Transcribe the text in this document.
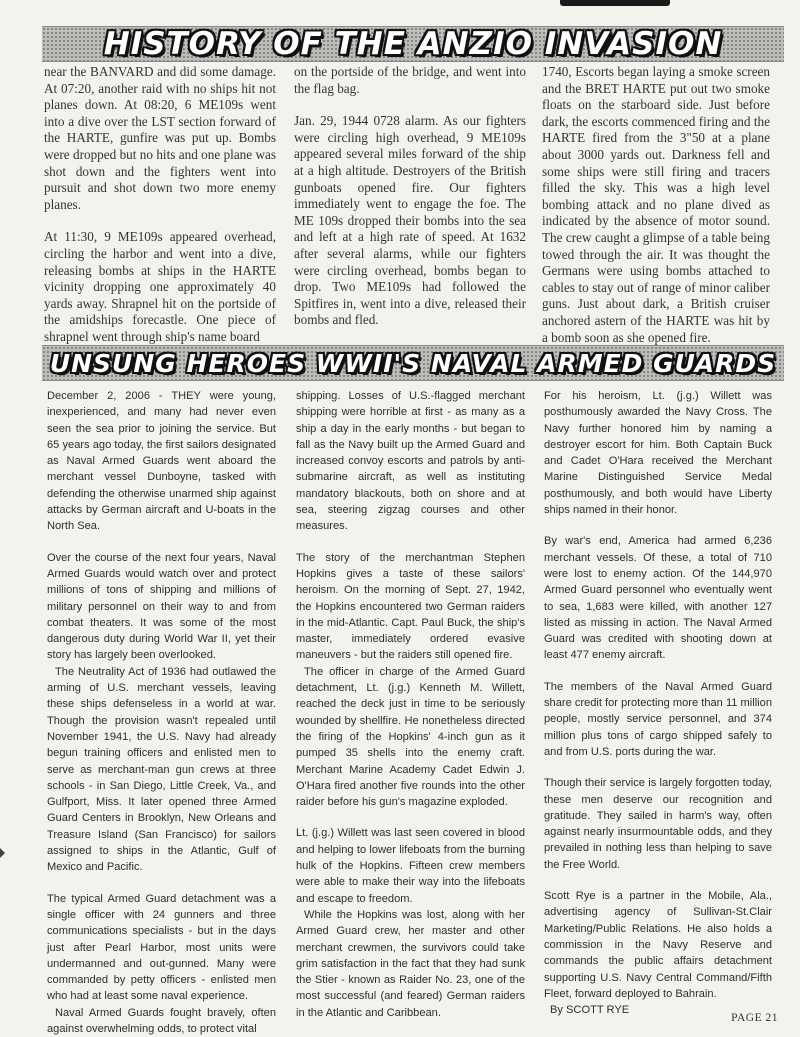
HISTORY OF THE ANZIO INVASION

near the BANVARD and did some damage. At 07:20, another raid with no ships hit not planes down. At 08:20, 6 ME109s went into a dive over the LST section forward of the HARTE, gunfire was put up. Bombs were dropped but no hits and one plane was shot down and the fighters went into pursuit and shot down two more enemy planes.

At 11:30, 9 ME109s appeared overhead, circling the harbor and went into a dive, releasing bombs at ships in the HARTE vicinity dropping one approximately 40 yards away. Shrapnel hit on the portside of the amidships forecastle. One piece of shrapnel went through ship's name board

on the portside of the bridge, and went into the flag bag.

Jan. 29, 1944 0728 alarm. As our fighters were circling high overhead, 9 ME109s appeared several miles forward of the ship at a high altitude. Destroyers of the British gunboats opened fire. Our fighters immediately went to engage the foe. The ME 109s dropped their bombs into the sea and left at a high rate of speed. At 1632 after several alarms, while our fighters were circling overhead, bombs began to drop. Two ME109s had followed the Spitfires in, went into a dive, released their bombs and fled.

1740, Escorts began laying a smoke screen and the BRET HARTE put out two smoke floats on the starboard side. Just before dark, the escorts commenced firing and the HARTE fired from the 3"50 at a plane about 3000 yards out. Darkness fell and some ships were still firing and tracers filled the sky. This was a high level bombing attack and no plane dived as indicated by the absence of motor sound. The crew caught a glimpse of a table being towed through the air. It was thought the Germans were using bombs attached to cables to stay out of range of minor caliber guns. Just about dark, a British cruiser anchored astern of the HARTE was hit by a bomb soon as she opened fire.

UNSUNG HEROES WWII'S NAVAL ARMED GUARDS

December 2, 2006 - THEY were young, inexperienced, and many had never even seen the sea prior to joining the service. But 65 years ago today, the first sailors designated as Naval Armed Guards went aboard the merchant vessel Dunboyne, tasked with defending the otherwise unarmed ship against attacks by German aircraft and U-boats in the North Sea.

Over the course of the next four years, Naval Armed Guards would watch over and protect millions of tons of shipping and millions of military personnel on their way to and from combat theaters. It was some of the most dangerous duty during World War II, yet their story has largely been overlooked.

The Neutrality Act of 1936 had outlawed the arming of U.S. merchant vessels, leaving these ships defenseless in a world at war. Though the provision wasn't repealed until November 1941, the U.S. Navy had already begun training officers and enlisted men to serve as merchant-man gun crews at three schools - in San Diego, Little Creek, Va., and Gulfport, Miss. It later opened three Armed Guard Centers in Brooklyn, New Orleans and Treasure Island (San Francisco) for sailors assigned to ships in the Atlantic, Gulf of Mexico and Pacific.

The typical Armed Guard detachment was a single officer with 24 gunners and three communications specialists - but in the days just after Pearl Harbor, most units were undermanned and out-gunned. Many were commanded by petty officers - enlisted men who had at least some naval experience.

Naval Armed Guards fought bravely, often against overwhelming odds, to protect vital

shipping. Losses of U.S.-flagged merchant shipping were horrible at first - as many as a ship a day in the early months - but began to fall as the Navy built up the Armed Guard and increased convoy escorts and patrols by anti-submarine aircraft, as well as instituting mandatory blackouts, both on shore and at sea, steering zigzag courses and other measures.

The story of the merchantman Stephen Hopkins gives a taste of these sailors' heroism. On the morning of Sept. 27, 1942, the Hopkins encountered two German raiders in the mid-Atlantic. Capt. Paul Buck, the ship's master, immediately ordered evasive maneuvers - but the raiders still opened fire.

The officer in charge of the Armed Guard detachment, Lt. (j.g.) Kenneth M. Willett, reached the deck just in time to be seriously wounded by shellfire. He nonetheless directed the firing of the Hopkins' 4-inch gun as it pumped 35 shells into the enemy craft. Merchant Marine Academy Cadet Edwin J. O'Hara fired another five rounds into the other raider before his gun's magazine exploded.

Lt. (j.g.) Willett was last seen covered in blood and helping to lower lifeboats from the burning hulk of the Hopkins. Fifteen crew members were able to make their way into the lifeboats and escape to freedom.

While the Hopkins was lost, along with her Armed Guard crew, her master and other merchant crewmen, the survivors could take grim satisfaction in the fact that they had sunk the Stier - known as Raider No. 23, one of the most successful (and feared) German raiders in the Atlantic and Caribbean.

For his heroism, Lt. (j.g.) Willett was posthumously awarded the Navy Cross. The Navy further honored him by naming a destroyer escort for him. Both Captain Buck and Cadet O'Hara received the Merchant Marine Distinguished Service Medal posthumously, and both would have Liberty ships named in their honor.

By war's end, America had armed 6,236 merchant vessels. Of these, a total of 710 were lost to enemy action. Of the 144,970 Armed Guard personnel who eventually went to sea, 1,683 were killed, with another 127 listed as missing in action. The Naval Armed Guard was credited with shooting down at least 477 enemy aircraft.

The members of the Naval Armed Guard share credit for protecting more than 11 million people, mostly service personnel, and 374 million plus tons of cargo shipped safely to and from U.S. ports during the war.

Though their service is largely forgotten today, these men deserve our recognition and gratitude. They sailed in harm's way, often against nearly insurmountable odds, and they prevailed in nothing less than helping to save the Free World.

Scott Rye is a partner in the Mobile, Ala., advertising agency of Sullivan-St.Clair Marketing/Public Relations. He also holds a commission in the Navy Reserve and commands the public affairs detachment supporting U.S. Navy Central Command/Fifth Fleet, forward deployed to Bahrain.

By SCOTT RYE

PAGE 21
